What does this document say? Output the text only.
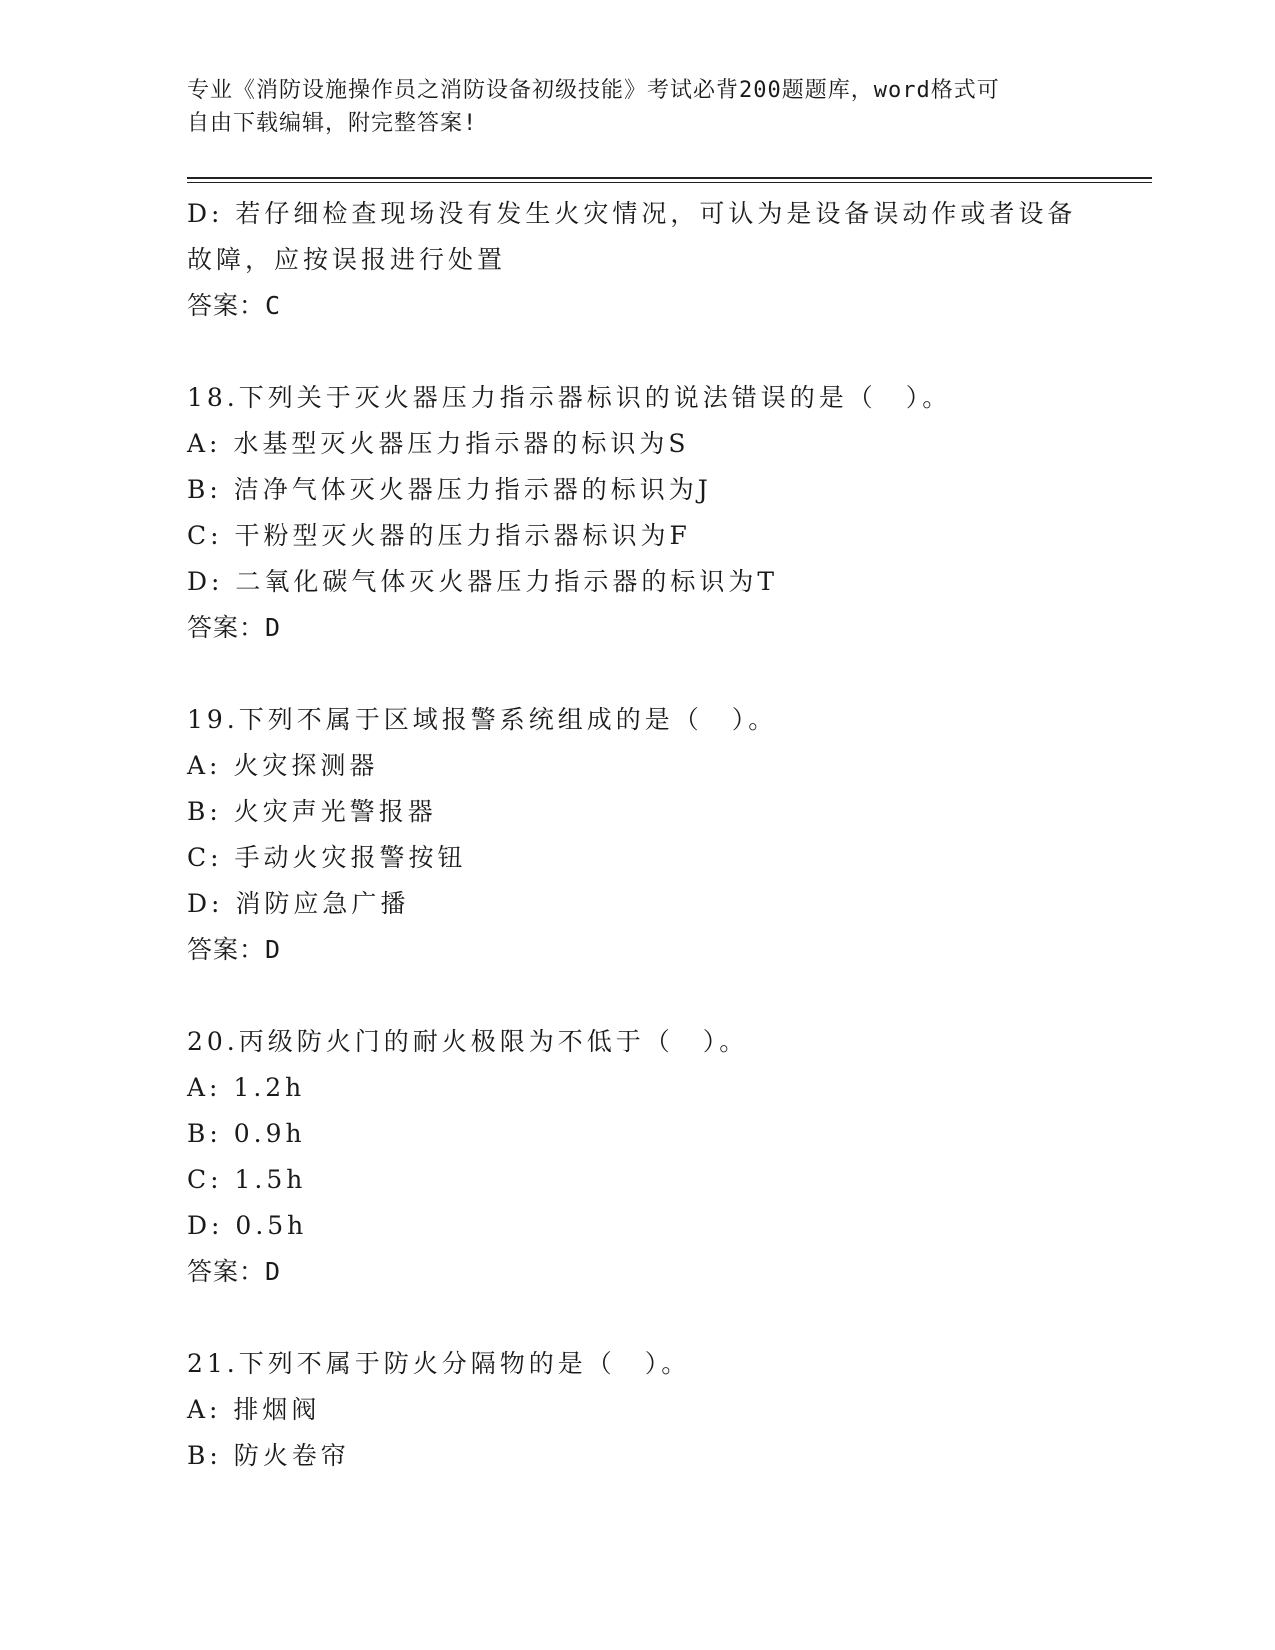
专业《消防设施操作员之消防设备初级技能》考试必背200题题库，word格式可
自由下载编辑，附完整答案!
D: 若仔细检查现场没有发生火灾情况，可认为是设备误动作或者设备
故障，应按误报进行处置
答案：C
18.下列关于灭火器压力指示器标识的说法错误的是（　）。
A: 水基型灭火器压力指示器的标识为S
B: 洁净气体灭火器压力指示器的标识为J
C: 干粉型灭火器的压力指示器标识为F
D: 二氧化碳气体灭火器压力指示器的标识为T
答案：D
19.下列不属于区域报警系统组成的是（　）。
A: 火灾探测器
B: 火灾声光警报器
C: 手动火灾报警按钮
D: 消防应急广播
答案：D
20.丙级防火门的耐火极限为不低于（　）。
A: 1.2h
B: 0.9h
C: 1.5h
D: 0.5h
答案：D
21.下列不属于防火分隔物的是（　）。
A: 排烟阀
B: 防火卷帘
